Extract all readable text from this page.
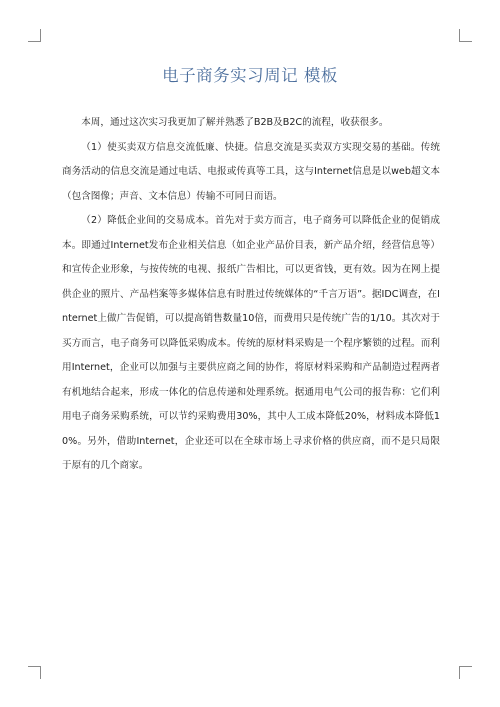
电子商务实习周记 模板

本周，通过这次实习我更加了解并熟悉了B2B及B2C的流程，收获很多。

（1）使买卖双方信息交流低廉、快捷。信息交流是买卖双方实现交易的基础。传统商务活动的信息交流是通过电话、电报或传真等工具，这与Internet信息是以web超文本（包含图像；声音、文本信息）传输不可同日而语。

（2）降低企业间的交易成本。首先对于卖方而言，电子商务可以降低企业的促销成本。即通过Internet发布企业相关信息（如企业产品价目表，新产品介绍，经营信息等）和宣传企业形象，与按传统的电视、报纸广告相比，可以更省钱，更有效。因为在网上提供企业的照片、产品档案等多媒体信息有时胜过传统媒体的“千言万语”。据IDC调查，在Internet上做广告促销，可以提高销售数量10倍，而费用只是传统广告的1/10。其次对于买方而言，电子商务可以降低采购成本。传统的原材料采购是一个程序繁锁的过程。而利用Internet，企业可以加强与主要供应商之间的协作，将原材料采购和产品制造过程两者有机地结合起来，形成一体化的信息传递和处理系统。据通用电气公司的报告称：它们利用电子商务采购系统，可以节约采购费用30%，其中人工成本降低20%，材料成本降低10%。另外，借助Internet，企业还可以在全球市场上寻求价格的供应商，而不是只局限于原有的几个商家。
